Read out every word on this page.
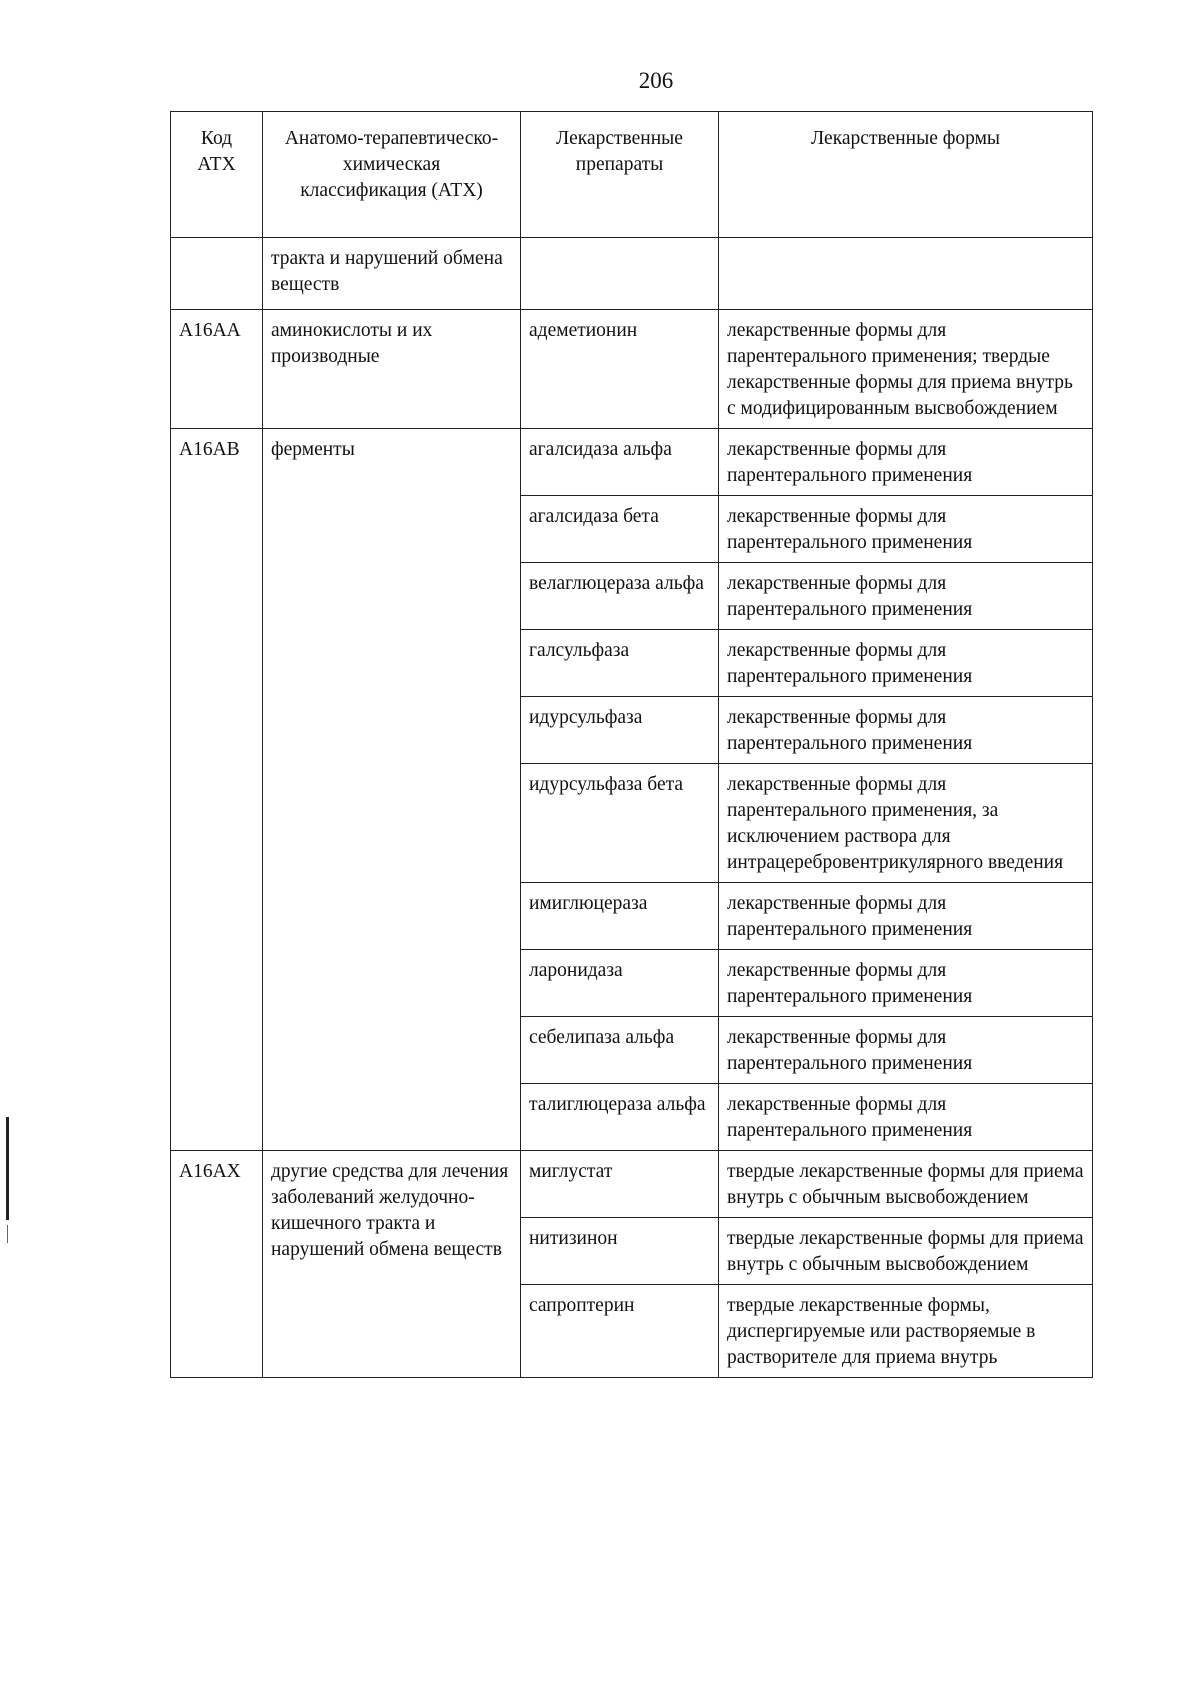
206
Код АТХ	Анатомо-терапевтическо-химическая классификация (АТХ)	Лекарственные препараты	Лекарственные формы
	тракта и нарушений обмена веществ		
А16АА	аминокислоты и их производные	адеметионин	лекарственные формы для парентерального применения; твердые лекарственные формы для приема внутрь с модифицированным высвобождением
А16АВ	ферменты	агалсидаза альфа	лекарственные формы для парентерального применения
		агалсидаза бета	лекарственные формы для парентерального применения
		велаглюцераза альфа	лекарственные формы для парентерального применения
		галсульфаза	лекарственные формы для парентерального применения
		идурсульфаза	лекарственные формы для парентерального применения
		идурсульфаза бета	лекарственные формы для парентерального применения, за исключением раствора для интрацеребровентрикулярного введения
		имиглюцераза	лекарственные формы для парентерального применения
		ларонидаза	лекарственные формы для парентерального применения
		себелипаза альфа	лекарственные формы для парентерального применения
		талиглюцераза альфа	лекарственные формы для парентерального применения
А16АХ	другие средства для лечения заболеваний желудочно-кишечного тракта и нарушений обмена веществ	миглустат	твердые лекарственные формы для приема внутрь с обычным высвобождением
		нитизинон	твердые лекарственные формы для приема внутрь с обычным высвобождением
		сапроптерин	твердые лекарственные формы, диспергируемые или растворяемые в растворителе для приема внутрь
